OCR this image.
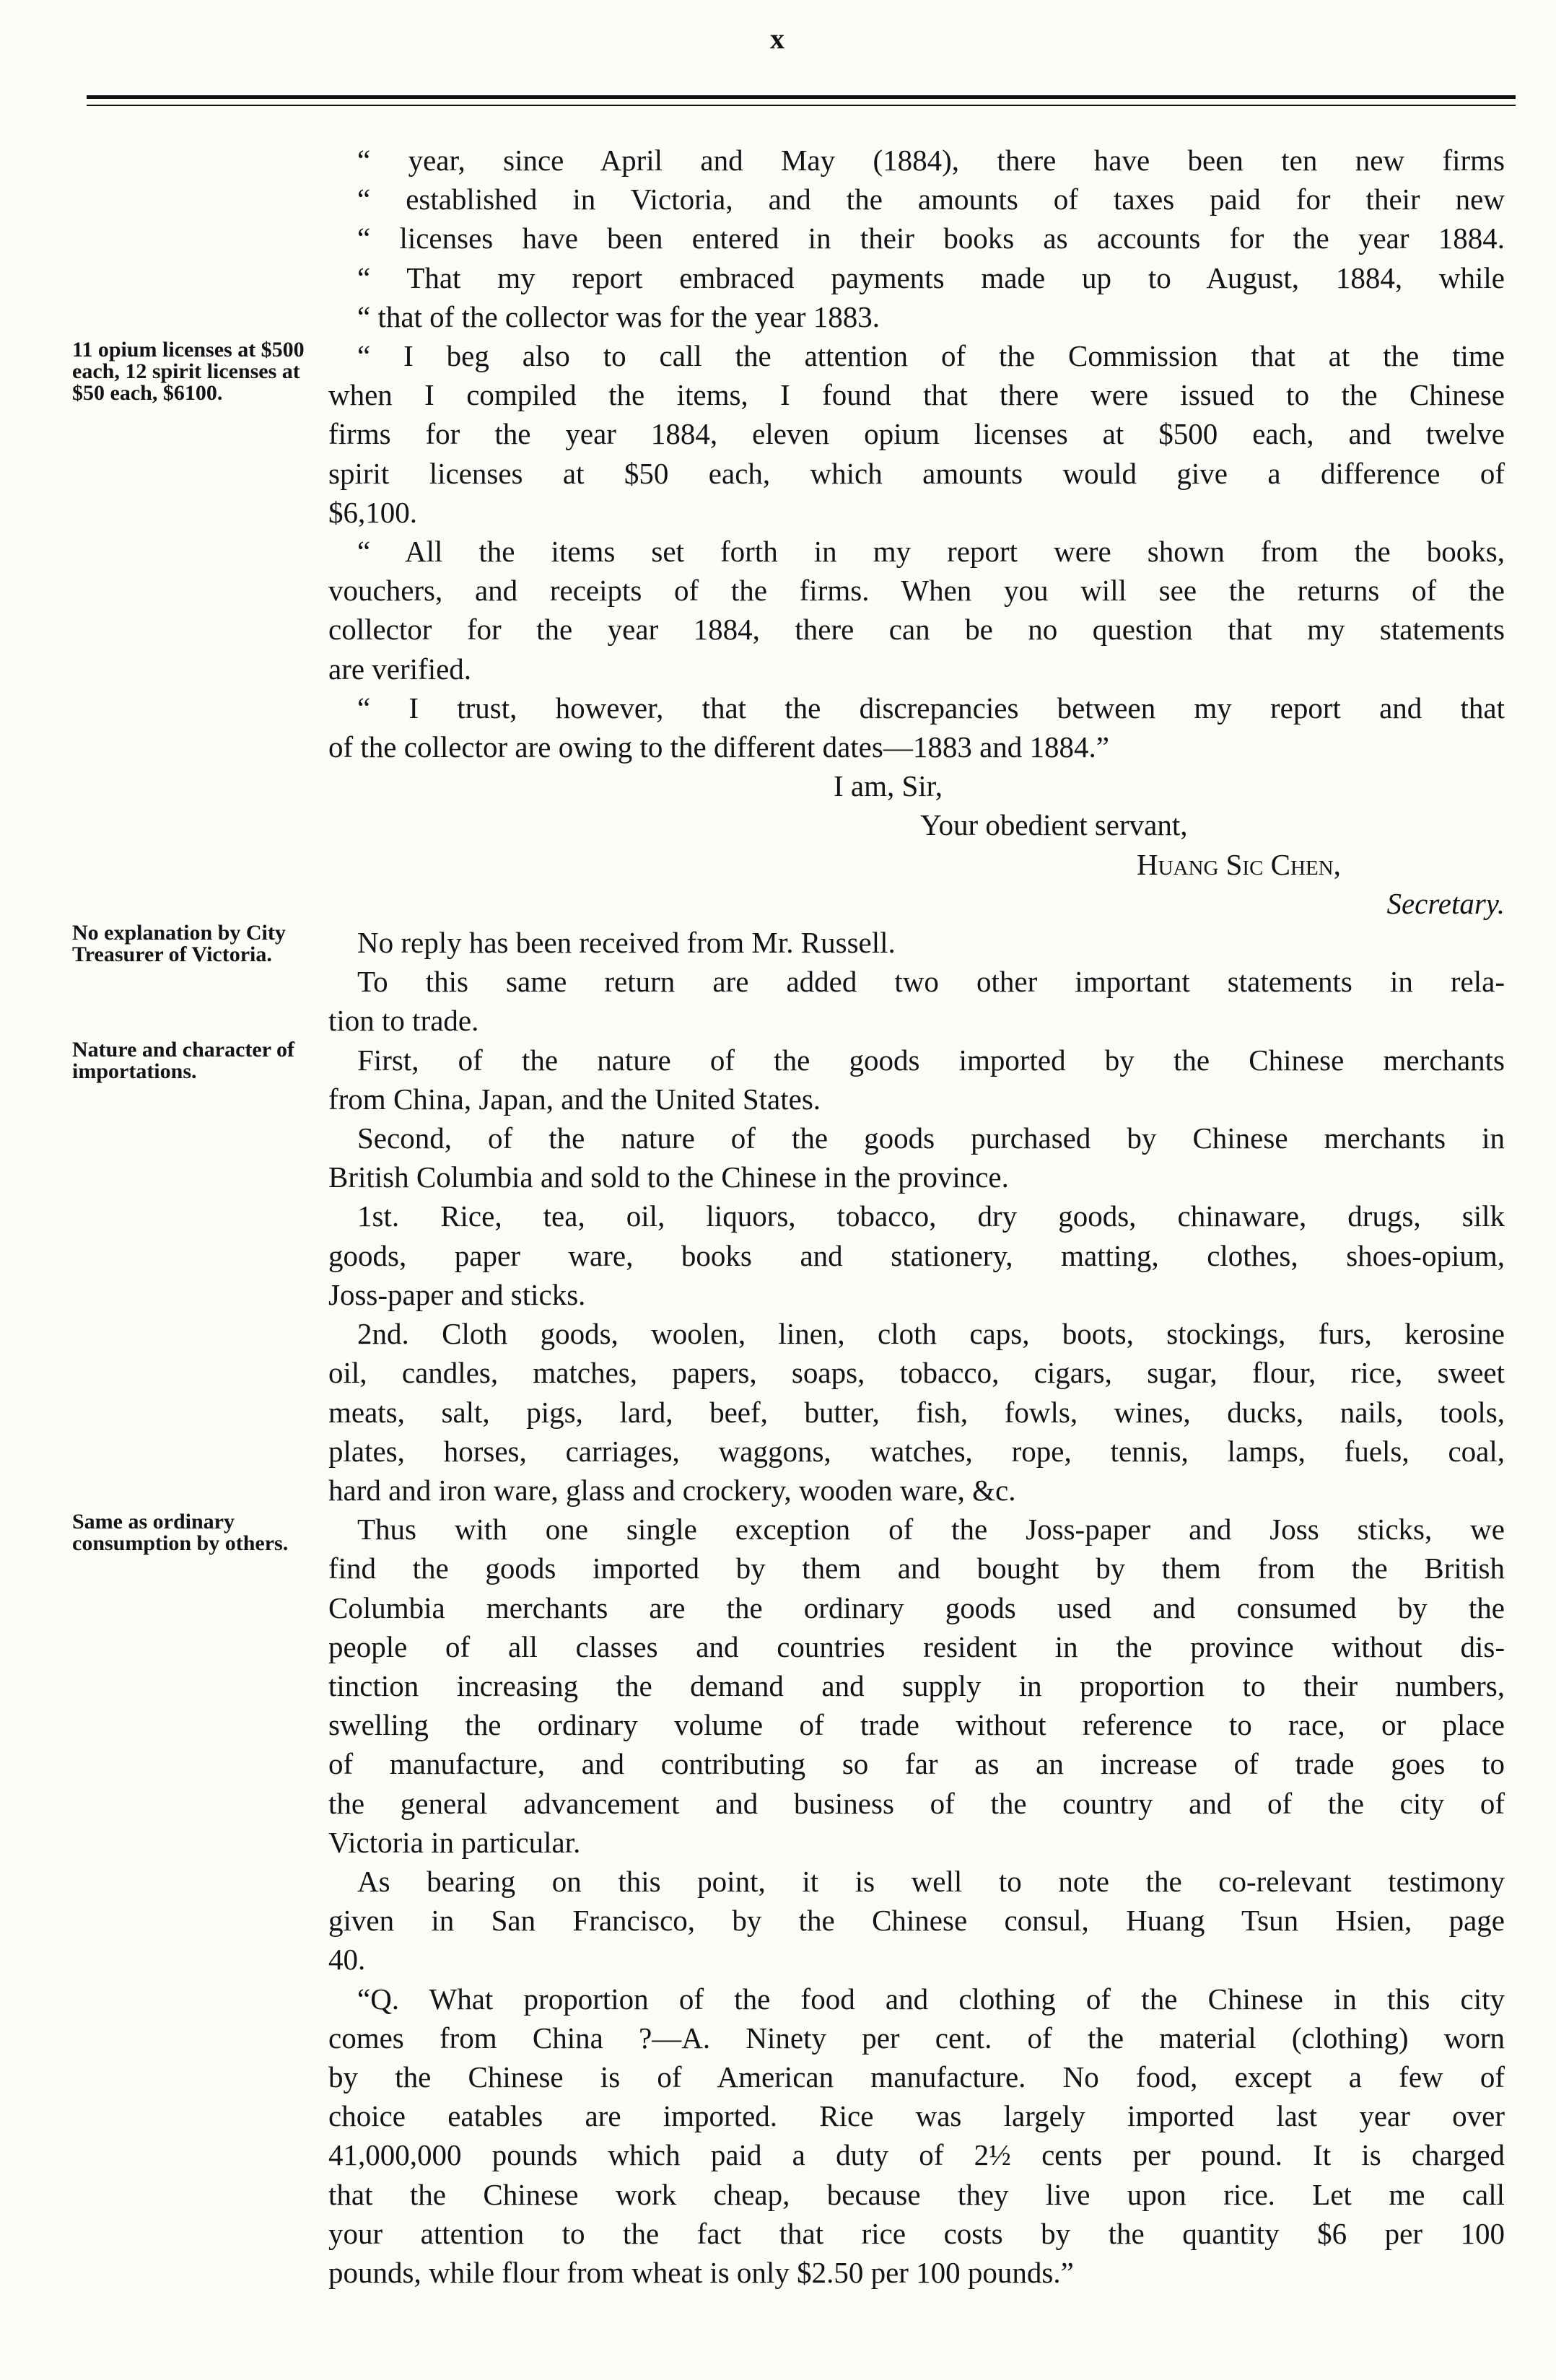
x
11 opium licenses at $500 each, 12 spirit licenses at $50 each, $6100.
No explanation by City Treasurer of Victoria.
Nature and character of importations.
Same as ordinary consumption by others.
“ year, since April and May (1884), there have been ten new firms
“ established in Victoria, and the amounts of taxes paid for their new
“ licenses have been entered in their books as accounts for the year 1884.
“ That my report embraced payments made up to August, 1884, while
“ that of the collector was for the year 1883.
“ I beg also to call the attention of the Commission that at the time
when I compiled the items, I found that there were issued to the Chinese
firms for the year 1884, eleven opium licenses at $500 each, and twelve
spirit licenses at $50 each, which amounts would give a difference of
$6,100.
“ All the items set forth in my report were shown from the books,
vouchers, and receipts of the firms. When you will see the returns of the
collector for the year 1884, there can be no question that my statements
are verified.
“ I trust, however, that the discrepancies between my report and that
of the collector are owing to the different dates—1883 and 1884.”
I am, Sir,
Your obedient servant,
Huang Sic Chen,
Secretary.
No reply has been received from Mr. Russell.
To this same return are added two other important statements in rela-
tion to trade.
First, of the nature of the goods imported by the Chinese merchants
from China, Japan, and the United States.
Second, of the nature of the goods purchased by Chinese merchants in
British Columbia and sold to the Chinese in the province.
1st. Rice, tea, oil, liquors, tobacco, dry goods, chinaware, drugs, silk
goods, paper ware, books and stationery, matting, clothes, shoes-opium,
Joss-paper and sticks.
2nd. Cloth goods, woolen, linen, cloth caps, boots, stockings, furs, kerosine
oil, candles, matches, papers, soaps, tobacco, cigars, sugar, flour, rice, sweet
meats, salt, pigs, lard, beef, butter, fish, fowls, wines, ducks, nails, tools,
plates, horses, carriages, waggons, watches, rope, tennis, lamps, fuels, coal,
hard and iron ware, glass and crockery, wooden ware, &c.
Thus with one single exception of the Joss-paper and Joss sticks, we
find the goods imported by them and bought by them from the British
Columbia merchants are the ordinary goods used and consumed by the
people of all classes and countries resident in the province without dis-
tinction increasing the demand and supply in proportion to their numbers,
swelling the ordinary volume of trade without reference to race, or place
of manufacture, and contributing so far as an increase of trade goes to
the general advancement and business of the country and of the city of
Victoria in particular.
As bearing on this point, it is well to note the co-relevant testimony
given in San Francisco, by the Chinese consul, Huang Tsun Hsien, page
40.
“Q. What proportion of the food and clothing of the Chinese in this city
comes from China ?—A. Ninety per cent. of the material (clothing) worn
by the Chinese is of American manufacture. No food, except a few of
choice eatables are imported. Rice was largely imported last year over
41,000,000 pounds which paid a duty of 2½ cents per pound. It is charged
that the Chinese work cheap, because they live upon rice. Let me call
your attention to the fact that rice costs by the quantity $6 per 100
pounds, while flour from wheat is only $2.50 per 100 pounds.”
